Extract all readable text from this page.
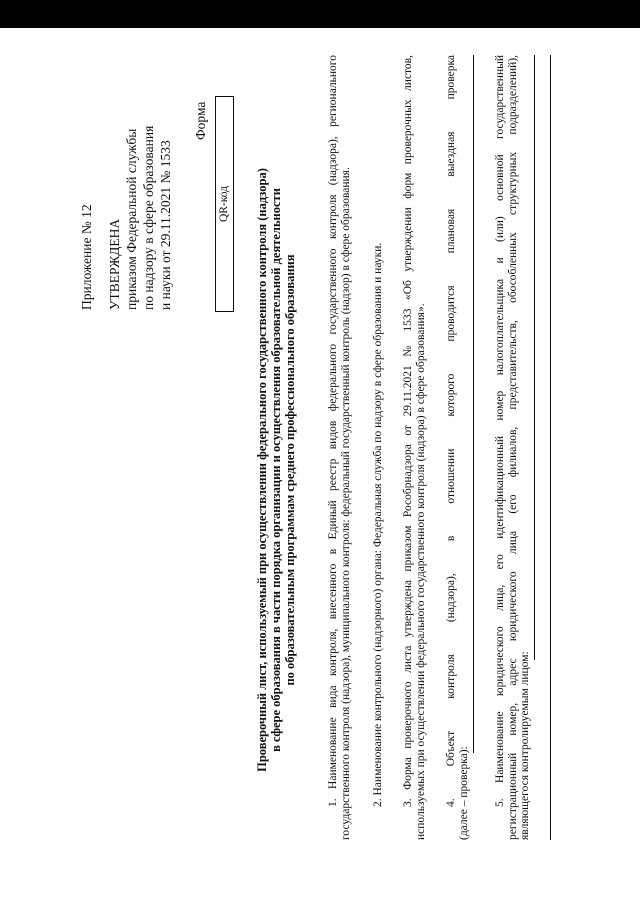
Приложение № 12 УТВЕРЖДЕНА приказом Федеральной службы по надзору в сфере образования и науки от 29.11.2021 № 1533
Форма
QR-код	Проверочный лист, используемый при осуществлении федерального государственного контроля (надзора) в сфере образования в части порядка организации и осуществления образовательной деятельности по образовательным программам среднего профессионального образования	1. Наименование вида контроля, внесенного в Единый реестр видов федерального государственного контроля (надзора), регионального государственного контроля (надзора), муниципального контроля: федеральный государственный контроль (надзор) в сфере образования. 2. Наименование контрольного (надзорного) органа: Федеральная служба по надзору в сфере образования и науки. 3. Форма проверочного листа утверждена приказом Рособрнадзора от 29.11.2021 № 1533 «Об утверждении форм проверочных листов, используемых при осуществлении федерального государственного контроля (надзора) в сфере образования». 4. Объект контроля (надзора), в отношении которого проводится плановая выездная проверка (далее – проверка): 5. Наименование юридического лица, его идентификационный номер налогоплательщика и (или) основной государственный регистрационный номер, адрес юридического лица (его филиалов, представительств, обособленных структурных подразделений), являющегося контролируемым лицом:
